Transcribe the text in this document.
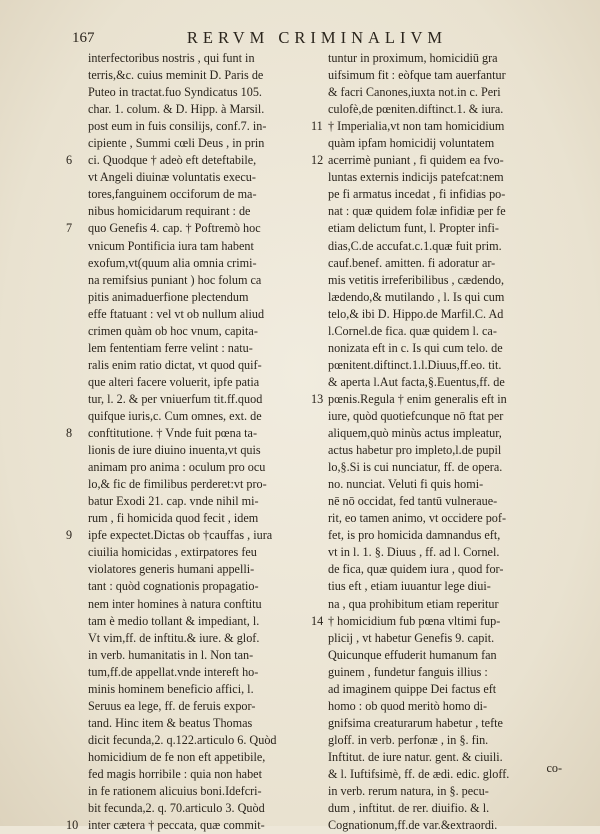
167	RERVM CRIMINALIVM
6
7
8
9
10
interfectoribus nostris , qui funt in
terris,&c. cuius meminit D. Paris de
Puteo in tractat.fuo Syndicatus 105.
char. 1. colum. & D. Hipp. à Marsil.
post eum in fuis consilijs, conf.7. in-
cipiente , Summi cœli Deus , in prin
ci. Quodque † adeò eft deteftabile,
vt Angeli diuinæ voluntatis execu-
tores,fanguinem occiforum de ma-
nibus homicidarum requirant : de
quo Genefis 4. cap. † Poftremò hoc
vnicum Pontificia iura tam habent
exofum,vt(quum alia omnia crimi-
na remifsius puniant ) hoc folum ca
pitis animaduerfione plectendum
effe ftatuant : vel vt ob nullum aliud
crimen quàm ob hoc vnum, capita-
lem fententiam ferre velint : natu-
ralis enim ratio dictat, vt quod quif-
que alteri facere voluerit, ipfe patia
tur, l. 2. & per vniuerfum tit.ff.quod
quifque iuris,c. Cum omnes, ext. de
conftitutione. † Vnde fuit pœna ta-
lionis de iure diuino inuenta,vt quis
animam pro anima : oculum pro ocu
lo,& fic de fimilibus perderet:vt pro-
batur Exodi 21. cap. vnde nihil mi-
rum , fi homicida quod fecit , idem
ipfe expectet.Dictas ob †cauffas , iura
ciuilia homicidas , extirpatores feu
violatores generis humani appelli-
tant : quòd cognationis propagatio-
nem inter homines à natura conftitu
tam è medio tollant & impediant, l.
Vt vim,ff. de inftitu.& iure. & glof.
in verb. humanitatis in l. Non tan-
tum,ff.de appellat.vnde intereft ho-
minis hominem beneficio affici, l.
Seruus ea lege, ff. de feruis expor-
tand. Hinc item & beatus Thomas
dicit fecunda,2. q.122.articulo 6. Quòd
homicidium de fe non eft appetibile,
fed magis horribile : quia non habet
in fe rationem alicuius boni.Idefcri-
bit fecunda,2. q. 70.articulo 3. Quòd
inter cætera † peccata, quæ commit-
11
12
13
14
tuntur in proximum, homicidiū gra
uifsimum fit : eòfque tam auerfantur
& facri Canones,iuxta not.in c. Peri
culofè,de pœniten.diftinct.1. & iura.
† Imperialia,vt non tam homicidium
quàm ipfam homicidij voluntatem
acerrimè puniant , fi quidem ea fvo-
luntas externis indicijs patefcat:nem
pe fi armatus incedat , fi infidias po-
nat : quæ quidem folæ infidiæ per fe
etiam delictum funt, l. Propter infi-
dias,C.de accufat.c.1.quæ fuit prim.
cauf.benef. amitten. fi adoratur ar-
mis vetitis irreferibilibus , cædendo,
lædendo,& mutilando , l. Is qui cum
telo,& ibi D. Hippo.de Marfil.C. Ad
l.Cornel.de fica. quæ quidem l. ca-
nonizata eft in c. Is qui cum telo. de
pœnitent.diftinct.1.l.Diuus,ff.eo. tit.
& aperta l.Aut facta,§.Euentus,ff. de
pœnis.Regula † enim generalis eft in
iure, quòd quotiefcunque nō ftat per
aliquem,quò minùs actus impleatur,
actus habetur pro impleto,l.de pupil
lo,§.Si is cui nunciatur, ff. de opera.
no. nunciat. Veluti fi quis homi-
nē nō occidat, fed tantū vulneraue-
rit, eo tamen animo, vt occidere pof-
fet, is pro homicida damnandus eft,
vt in l. 1. §. Diuus , ff. ad l. Cornel.
de fica, quæ quidem iura , quod for-
tius eft , etiam iuuantur lege diui-
na , qua prohibitum etiam reperitur
† homicidium fub pœna vltimi fup-
plicij , vt habetur Genefis 9. capit.
Quicunque effuderit humanum fan
guinem , fundetur fanguis illius :
ad imaginem quippe Dei factus eft
homo : ob quod meritò homo di-
gnifsima creaturarum habetur , tefte
gloff. in verb. perfonæ , in §. fin.
Inftitut. de iure natur. gent. & ciuili.
& l. Iuftifsimè, ff. de ædi. edic. gloff.
in verb. rerum natura, in §. pecu-
dum , inftitut. de rer. diuifio. & l.
Cognationum,ff.de var.&extraordi.
co-
